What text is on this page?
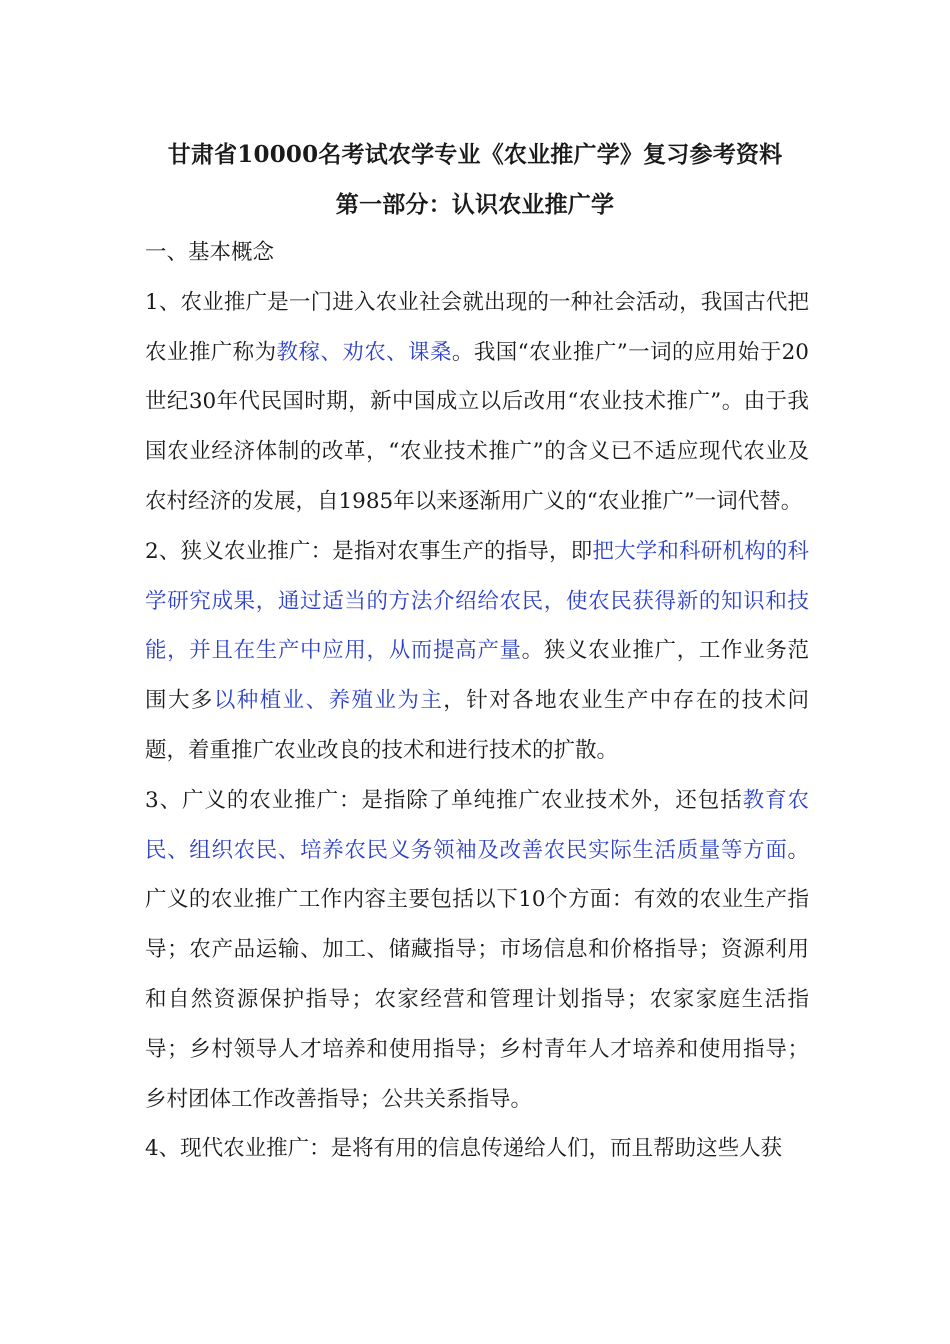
甘肃省10000名考试农学专业《农业推广学》复习参考资料
第一部分：认识农业推广学

一、基本概念

1、农业推广是一门进入农业社会就出现的一种社会活动，我国古代把农业推广称为教稼、劝农、课桑。我国“农业推广”一词的应用始于20世纪30年代民国时期，新中国成立以后改用“农业技术推广”。由于我国农业经济体制的改革，“农业技术推广”的含义已不适应现代农业及农村经济的发展，自1985年以来逐渐用广义的“农业推广”一词代替。

2、狭义农业推广：是指对农事生产的指导，即把大学和科研机构的科学研究成果，通过适当的方法介绍给农民，使农民获得新的知识和技能，并且在生产中应用，从而提高产量。狭义农业推广，工作业务范围大多以种植业、养殖业为主，针对各地农业生产中存在的技术问题，着重推广农业改良的技术和进行技术的扩散。

3、广义的农业推广：是指除了单纯推广农业技术外，还包括教育农民、组织农民、培养农民义务领袖及改善农民实际生活质量等方面。广义的农业推广工作内容主要包括以下10个方面：有效的农业生产指导；农产品运输、加工、储藏指导；市场信息和价格指导；资源利用和自然资源保护指导；农家经营和管理计划指导；农家家庭生活指导；乡村领导人才培养和使用指导；乡村青年人才培养和使用指导；乡村团体工作改善指导；公共关系指导。

4、现代农业推广：是将有用的信息传递给人们，而且帮助这些人获
